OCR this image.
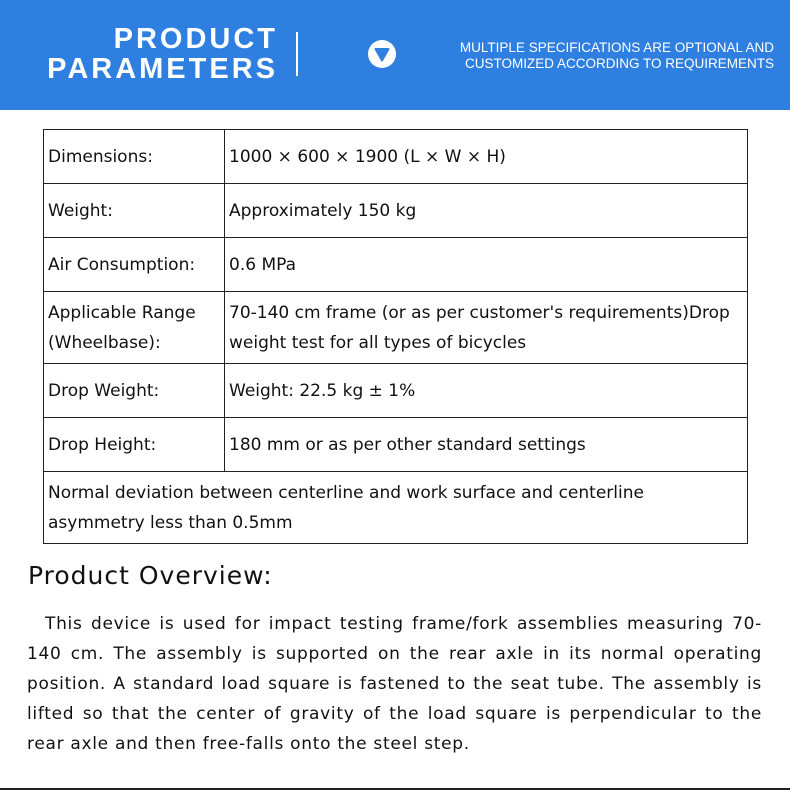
PRODUCT
PARAMETERS
MULTIPLE SPECIFICATIONS ARE OPTIONAL AND
CUSTOMIZED ACCORDING TO REQUIREMENTS
Dimensions:	1000 × 600 × 1900 (L × W × H)
Weight:	Approximately 150 kg
Air Consumption:	0.6 MPa
Applicable Range (Wheelbase):	70-140 cm frame (or as per customer's requirements)Drop weight test for all types of bicycles
Drop Weight:	Weight: 22.5 kg ± 1%
Drop Height:	180 mm or as per other standard settings
Normal deviation between centerline and work surface and centerline asymmetry less than 0.5mm	
Product Overview:
This device is used for impact testing frame/fork assemblies measuring 70-140 cm. The assembly is supported on the rear axle in its normal operating position. A standard load square is fastened to the seat tube. The assembly is lifted so that the center of gravity of the load square is perpendicular to the rear axle and then free-falls onto the steel step.
